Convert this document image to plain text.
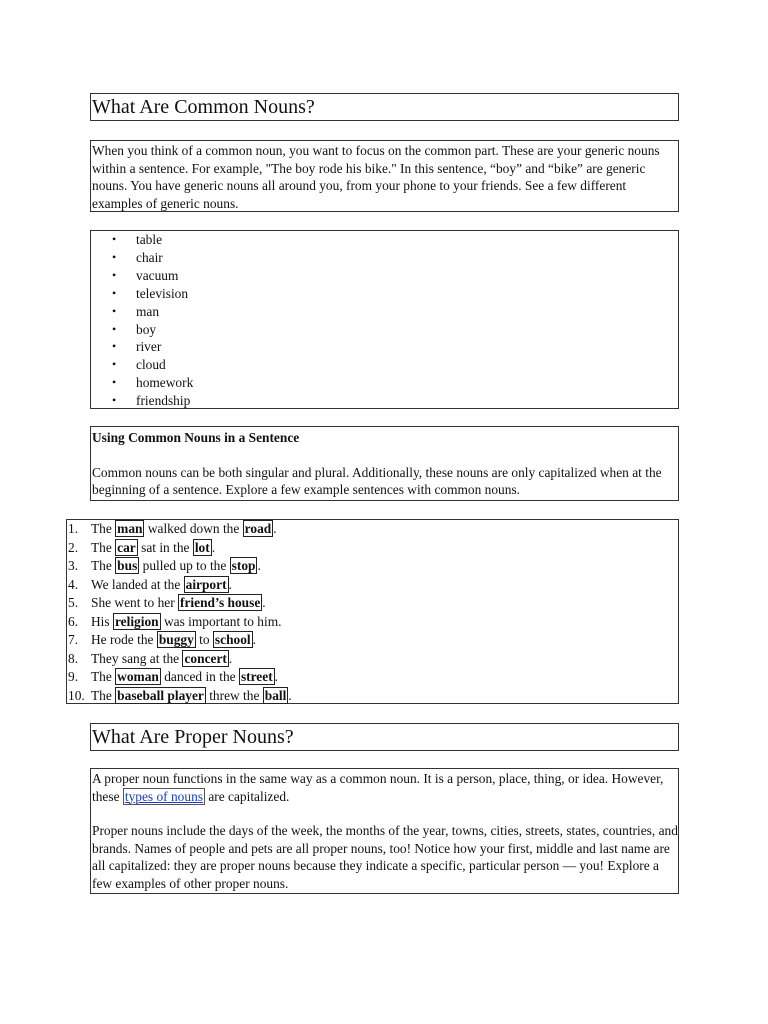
What Are Common Nouns?
When you think of a common noun, you want to focus on the common part. These are your generic nouns within a sentence. For example, "The boy rode his bike." In this sentence, “boy” and “bike” are generic nouns. You have generic nouns all around you, from your phone to your friends. See a few different examples of generic nouns.
• table
• chair
• vacuum
• television
• man
• boy
• river
• cloud
• homework
• friendship
Using Common Nouns in a Sentence
Common nouns can be both singular and plural. Additionally, these nouns are only capitalized when at the beginning of a sentence. Explore a few example sentences with common nouns.
1. The man walked down the road .
2. The car sat in the lot .
3. The bus pulled up to the stop .
4. We landed at the airport .
5. She went to her friend’s house .
6. His religion was important to him.
7. He rode the buggy to school .
8. They sang at the concert .
9. The woman danced in the street .
10. The baseball player threw the ball .
What Are Proper Nouns?
A proper noun functions in the same way as a common noun. It is a person, place, thing, or idea. However, these types of nouns are capitalized.
Proper nouns include the days of the week, the months of the year, towns, cities, streets, states, countries, and brands. Names of people and pets are all proper nouns, too! Notice how your first, middle and last name are all capitalized: they are proper nouns because they indicate a specific, particular person — you! Explore a few examples of other proper nouns.
